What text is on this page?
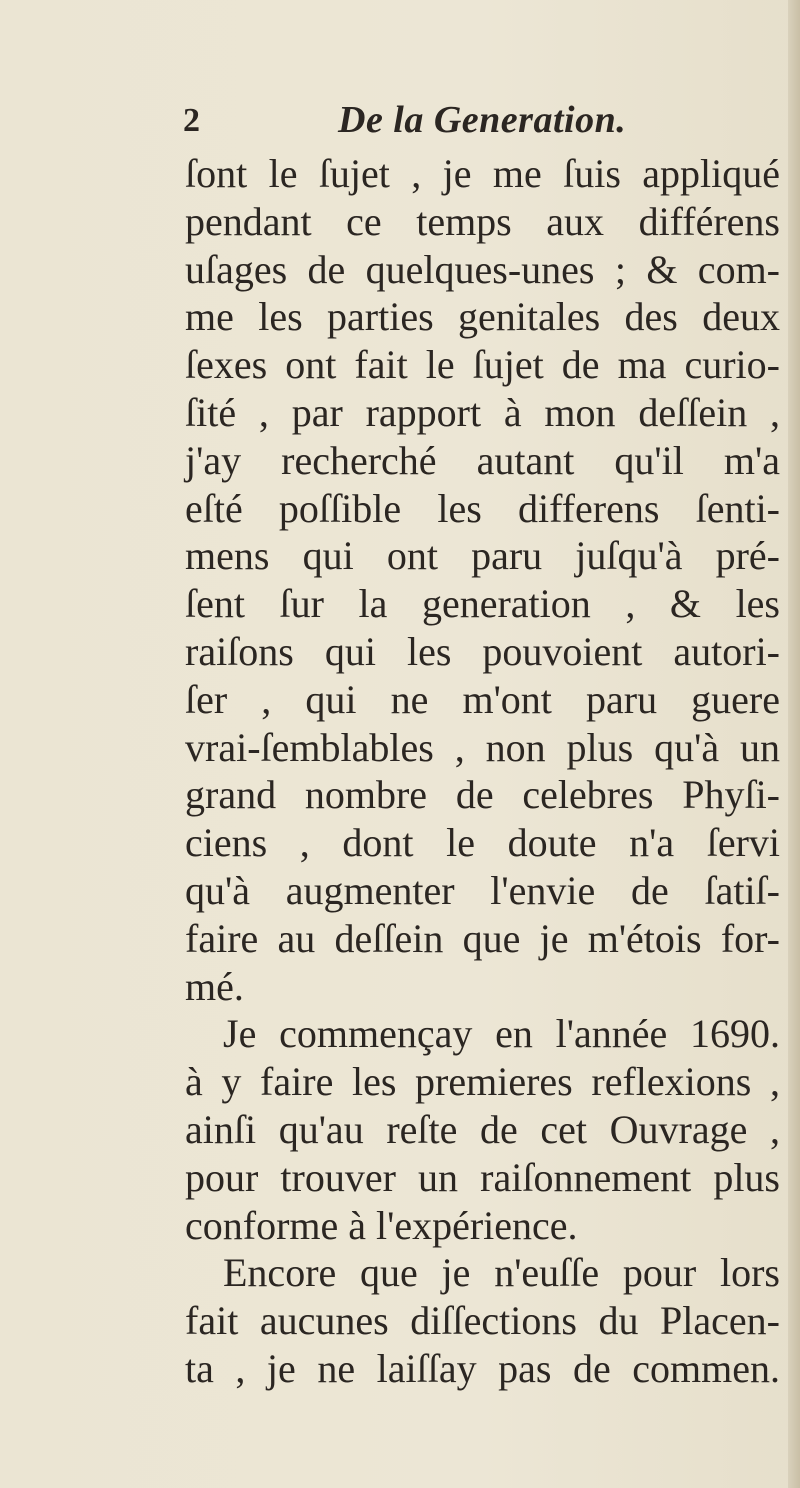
2	De la Generation.
ſont le ſujet , je me ſuis appliqué
pendant ce temps aux différens
uſages de quelques-unes ; & com-
me les parties genitales des deux
ſexes ont fait le ſujet de ma curio-
ſité , par rapport à mon deſſein ,
j'ay recherché autant qu'il m'a
eſté poſſible les differens ſenti-
mens qui ont paru juſqu'à pré-
ſent ſur la generation , & les
raiſons qui les pouvoient autori-
ſer , qui ne m'ont paru guere
vrai-ſemblables , non plus qu'à un
grand nombre de celebres Phyſi-
ciens , dont le doute n'a ſervi
qu'à augmenter l'envie de ſatiſ-
faire au deſſein que je m'étois for-
mé.
Je commençay en l'année 1690.
à y faire les premieres reflexions ,
ainſi qu'au reſte de cet Ouvrage ,
pour trouver un raiſonnement plus
conforme à l'expérience.
Encore que je n'euſſe pour lors
fait aucunes diſſections du Placen-
ta , je ne laiſſay pas de commen.
